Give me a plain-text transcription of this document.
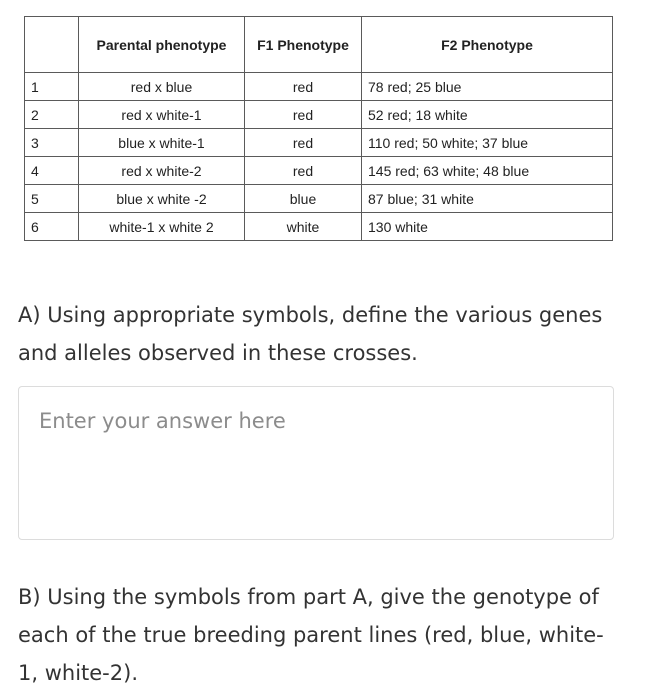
	Parental phenotype	F1 Phenotype	F2 Phenotype
1	red x blue	red	78 red; 25 blue
2	red x white-1	red	52 red; 18 white
3	blue x white-1	red	110 red; 50 white; 37 blue
4	red x white-2	red	145 red; 63 white; 48 blue
5	blue x white -2	blue	87 blue; 31 white
6	white-1 x white 2	white	130 white
A) Using appropriate symbols, define the various genes and alleles observed in these crosses.
Enter your answer here
B) Using the symbols from part A, give the genotype of each of the true breeding parent lines (red, blue, white-1, white-2).
